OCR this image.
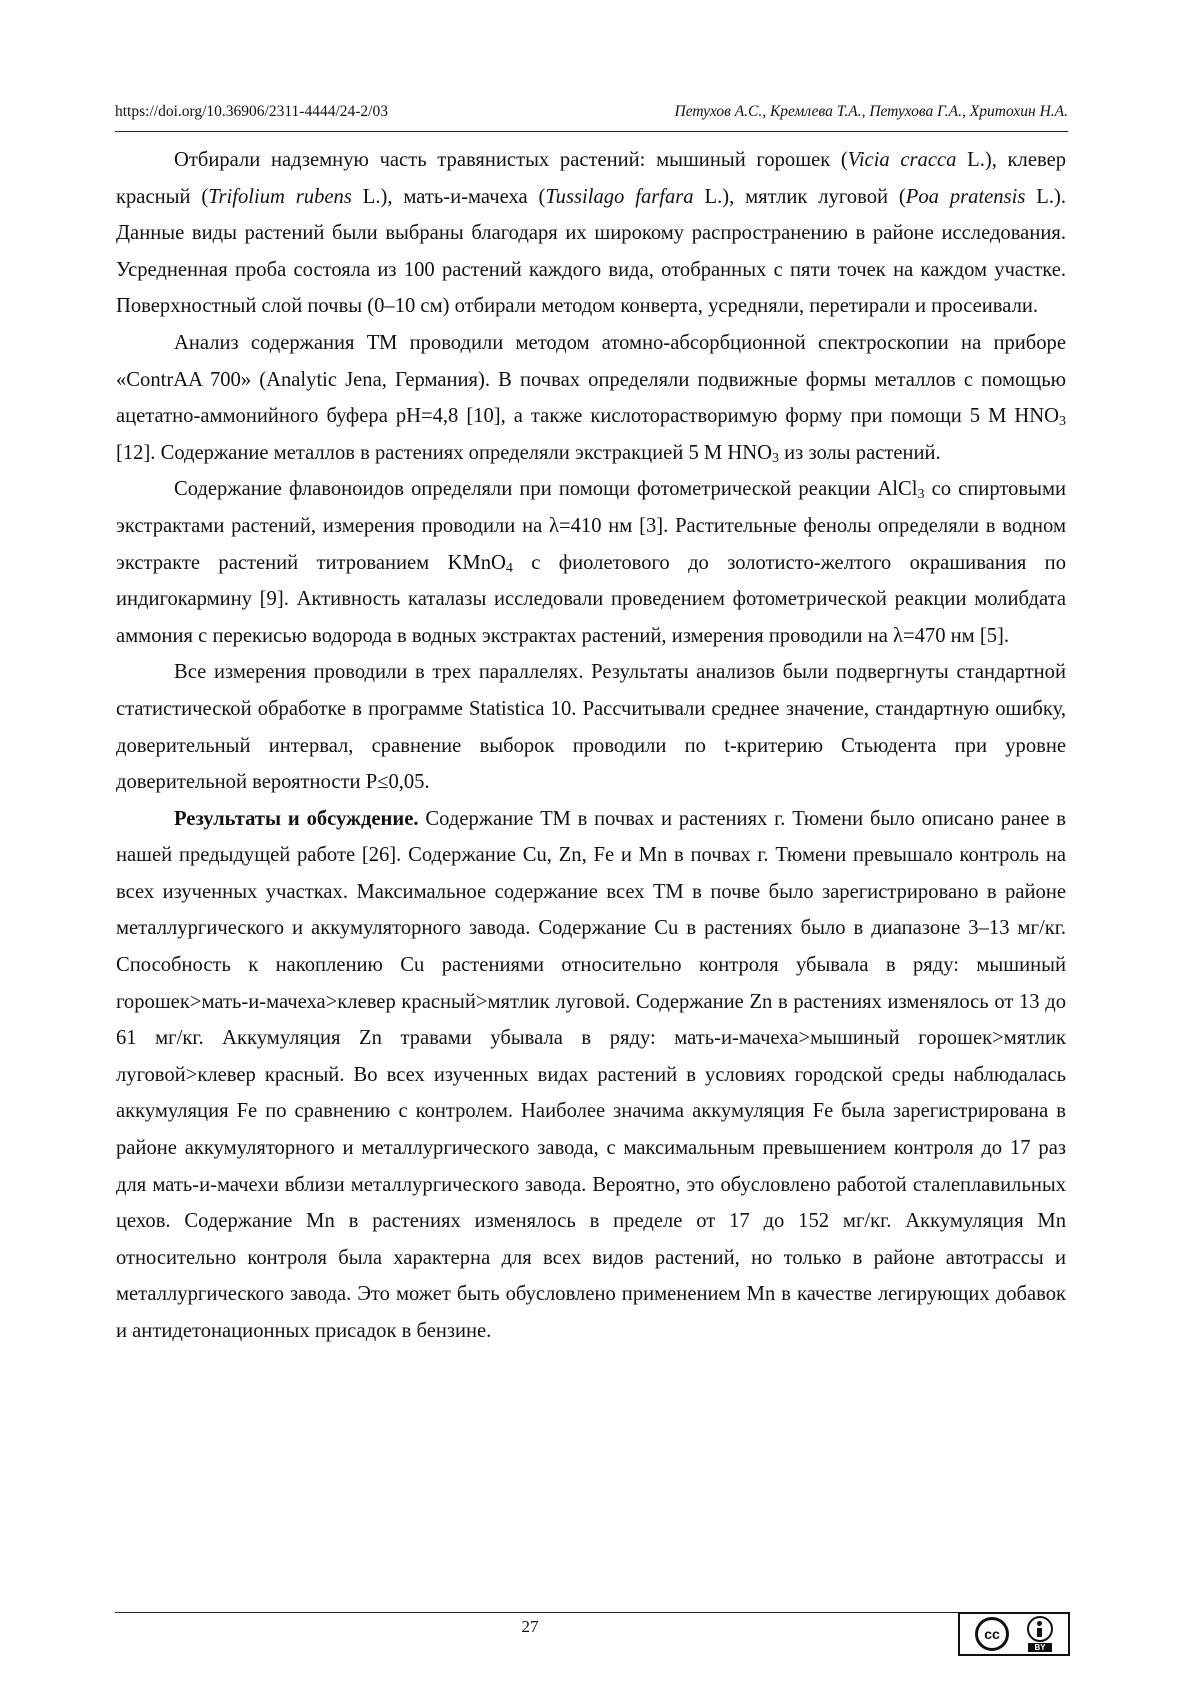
https://doi.org/10.36906/2311-4444/24-2/03	Петухов А.С., Кремлева Т.А., Петухова Г.А., Хритохин Н.А.

Отбирали надземную часть травянистых растений: мышиный горошек (Vicia cracca L.), клевер красный (Trifolium rubens L.), мать-и-мачеха (Tussilago farfara L.), мятлик луговой (Poa pratensis L.). Данные виды растений были выбраны благодаря их широкому распространению в районе исследования. Усредненная проба состояла из 100 растений каждого вида, отобранных с пяти точек на каждом участке. Поверхностный слой почвы (0–10 см) отбирали методом конверта, усредняли, перетирали и просеивали.

Анализ содержания ТМ проводили методом атомно-абсорбционной спектроскопии на приборе «ContrAA 700» (Analytic Jena, Германия). В почвах определяли подвижные формы металлов с помощью ацетатно-аммонийного буфера pH=4,8 [10], а также кислоторастворимую форму при помощи 5 М $HNO_3$ [12]. Содержание металлов в растениях определяли экстракцией 5 М $HNO_3$ из золы растений.

Содержание флавоноидов определяли при помощи фотометрической реакции AlCl$_3$ со спиртовыми экстрактами растений, измерения проводили на λ=410 нм [3]. Растительные фенолы определяли в водном экстракте растений титрованием KMnO$_4$ с фиолетового до золотисто-желтого окрашивания по индигокармину [9]. Активность каталазы исследовали проведением фотометрической реакции молибдата аммония с перекисью водорода в водных экстрактах растений, измерения проводили на λ=470 нм [5].

Все измерения проводили в трех параллелях. Результаты анализов были подвергнуты стандартной статистической обработке в программе Statistica 10. Рассчитывали среднее значение, стандартную ошибку, доверительный интервал, сравнение выборок проводили по t-критерию Стьюдента при уровне доверительной вероятности P≤0,05.

Результаты и обсуждение. Содержание ТМ в почвах и растениях г. Тюмени было описано ранее в нашей предыдущей работе [26]. Содержание Cu, Zn, Fe и Mn в почвах г. Тюмени превышало контроль на всех изученных участках. Максимальное содержание всех ТМ в почве было зарегистрировано в районе металлургического и аккумуляторного завода. Содержание Cu в растениях было в диапазоне 3–13 мг/кг. Способность к накоплению Cu растениями относительно контроля убывала в ряду: мышиный горошек>мать-и-мачеха>клевер красный>мятлик луговой. Содержание Zn в растениях изменялось от 13 до 61 мг/кг. Аккумуляция Zn травами убывала в ряду: мать-и-мачеха>мышиный горошек>мятлик луговой>клевер красный. Во всех изученных видах растений в условиях городской среды наблюдалась аккумуляция Fe по сравнению с контролем. Наиболее значима аккумуляция Fe была зарегистрирована в районе аккумуляторного и металлургического завода, с максимальным превышением контроля до 17 раз для мать-и-мачехи вблизи металлургического завода. Вероятно, это обусловлено работой сталеплавильных цехов. Содержание Mn в растениях изменялось в пределе от 17 до 152 мг/кг. Аккумуляция Mn относительно контроля была характерна для всех видов растений, но только в районе автотрассы и металлургического завода. Это может быть обусловлено применением Mn в качестве легирующих добавок и антидетонационных присадок в бензине.

27	cc
BY
